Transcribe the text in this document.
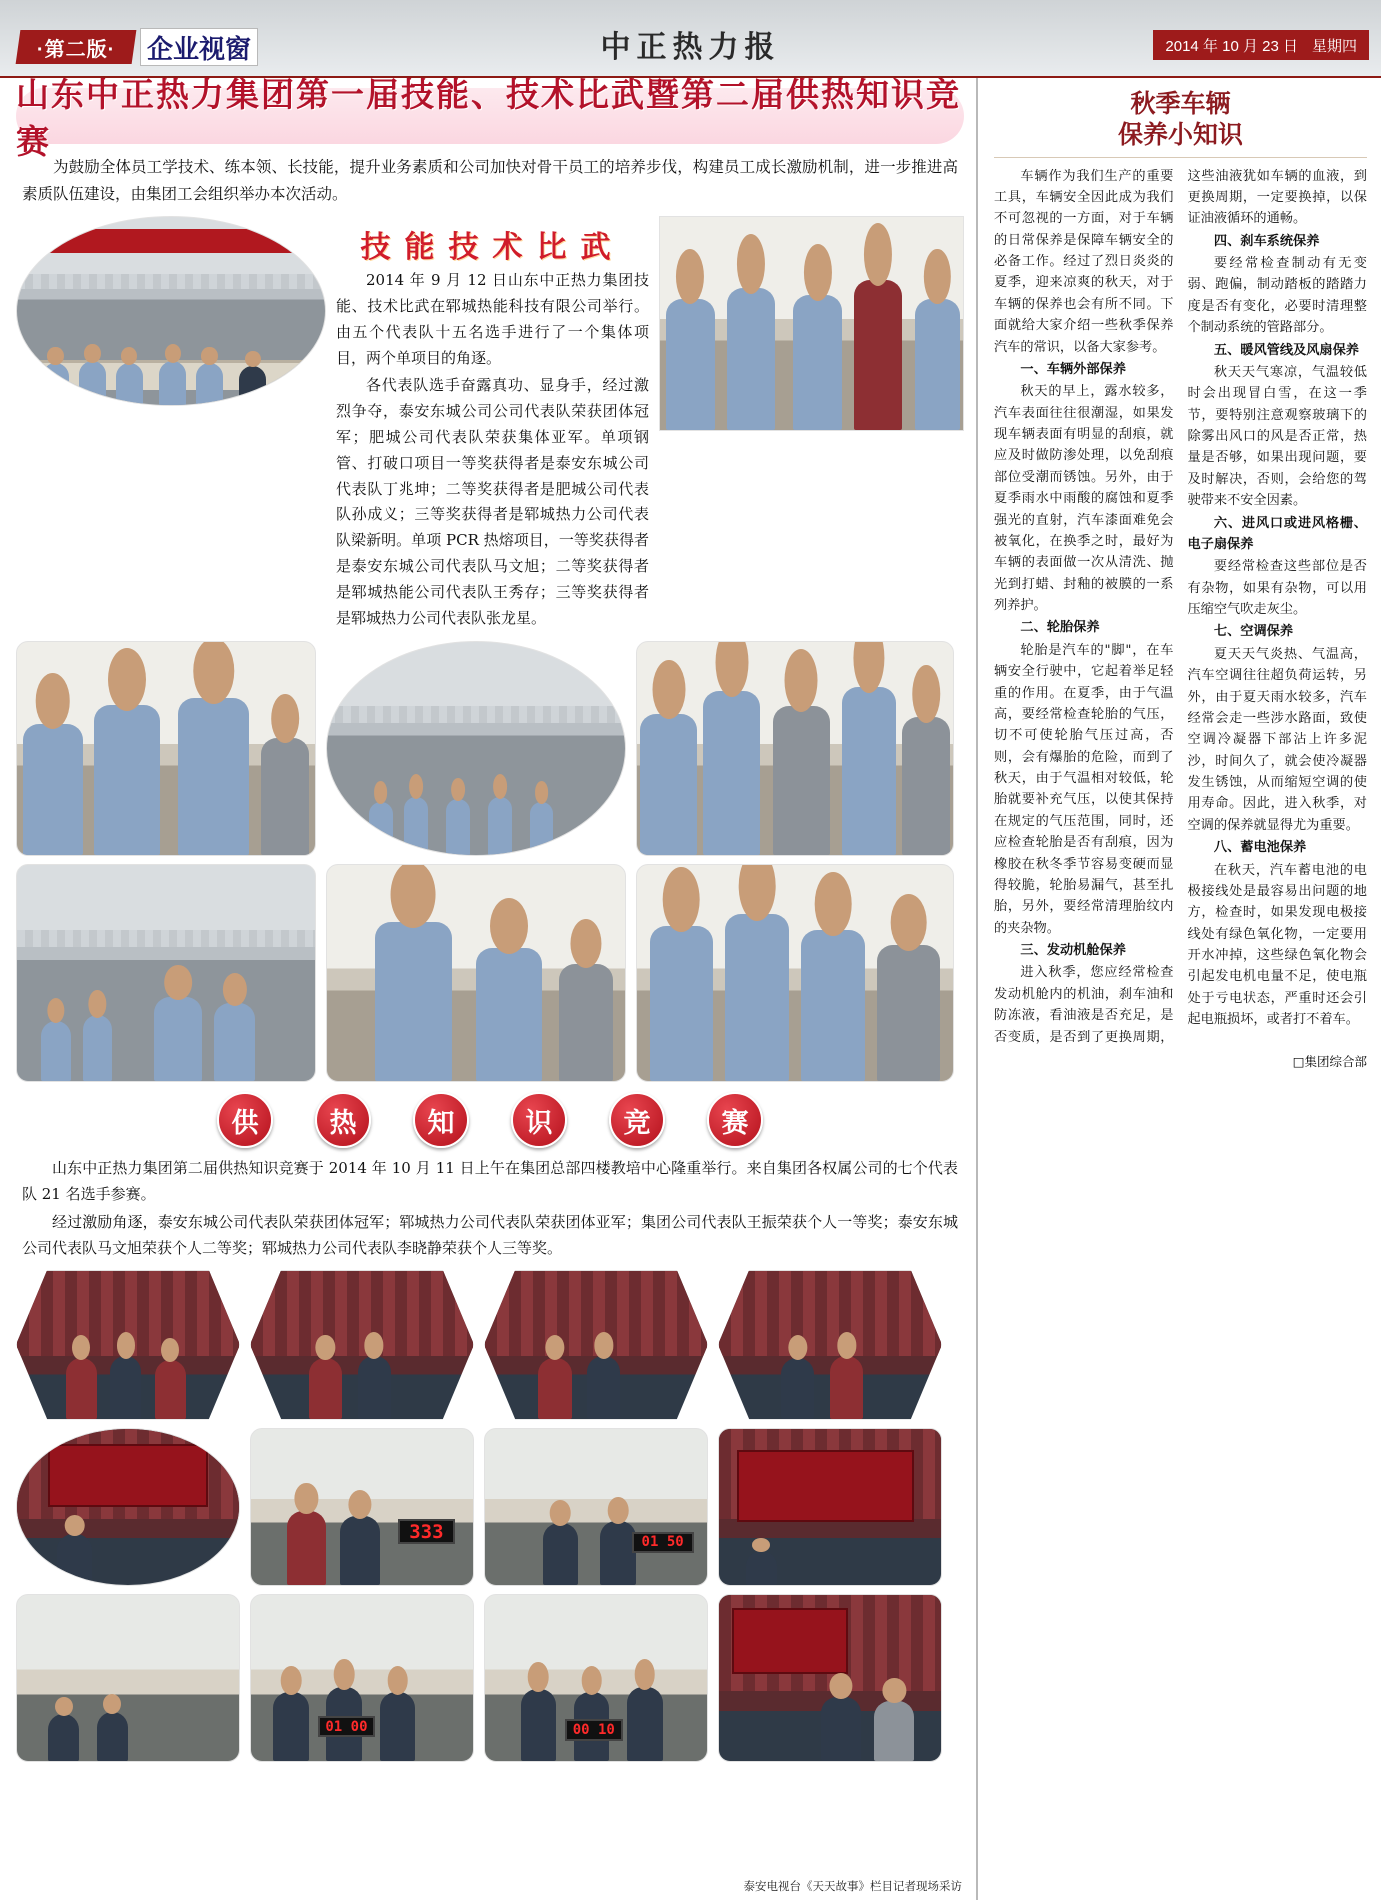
·第二版· 企业视窗	中正热力报	2014 年 10 月 23 日 星期四
山东中正热力集团第一届技能、技术比武暨第二届供热知识竞赛
为鼓励全体员工学技术、练本领、长技能，提升业务素质和公司加快对骨干员工的培养步伐，构建员工成长激励机制，进一步推进高素质队伍建设，由集团工会组织举办本次活动。
技能技术比武

2014 年 9 月 12 日山东中正热力集团技能、技术比武在郓城热能科技有限公司举行。由五个代表队十五名选手进行了一个集体项目，两个单项目的角逐。

各代表队选手奋露真功、显身手，经过激烈争夺，泰安东城公司公司代表队荣获团体冠军；肥城公司代表队荣获集体亚军。单项钢管、打破口项目一等奖获得者是泰安东城公司代表队丁兆坤；二等奖获得者是肥城公司代表队孙成义；三等奖获得者是郓城热力公司代表队梁新明。单项 PCR 热熔项目，一等奖获得者是泰安东城公司代表队马文旭；二等奖获得者是郓城热能公司代表队王秀存；三等奖获得者是郓城热力公司代表队张龙星。

供	热	知	识	竞	赛

山东中正热力集团第二届供热知识竞赛于 2014 年 10 月 11 日上午在集团总部四楼教培中心隆重举行。来自集团各权属公司的七个代表队 21 名选手参赛。

经过激励角逐，泰安东城公司代表队荣获团体冠军；郓城热力公司代表队荣获团体亚军；集团公司代表队王振荣获个人一等奖；泰安东城公司代表队马文旭荣获个人二等奖；郓城热力公司代表队李晓静荣获个人三等奖。

333	01 50
01 00	00 10
泰安电视台《天天故事》栏目记者现场采访
秋季车辆
保养小知识

车辆作为我们生产的重要工具，车辆安全因此成为我们不可忽视的一方面，对于车辆的日常保养是保障车辆安全的必备工作。经过了烈日炎炎的夏季，迎来凉爽的秋天，对于车辆的保养也会有所不同。下面就给大家介绍一些秋季保养汽车的常识，以备大家参考。

一、车辆外部保养

秋天的早上，露水较多，汽车表面往往很潮湿，如果发现车辆表面有明显的刮痕，就应及时做防渗处理，以免刮痕部位受潮而锈蚀。另外，由于夏季雨水中雨酸的腐蚀和夏季强光的直射，汽车漆面难免会被氧化，在换季之时，最好为车辆的表面做一次从清洗、抛光到打蜡、封釉的被膜的一系列养护。

二、轮胎保养

轮胎是汽车的"脚"，在车辆安全行驶中，它起着举足轻重的作用。在夏季，由于气温高，要经常检查轮胎的气压，切不可使轮胎气压过高，否则，会有爆胎的危险，而到了秋天，由于气温相对较低，轮胎就要补充气压，以使其保持在规定的气压范围，同时，还应检查轮胎是否有刮痕，因为橡胶在秋冬季节容易变硬而显得较脆，轮胎易漏气，甚至扎胎，另外，要经常清理胎纹内的夹杂物。

三、发动机舱保养

进入秋季，您应经常检查发动机舱内的机油，刹车油和防冻液，看油液是否充足，是否变质，是否到了更换周期，这些油液犹如车辆的血液，到更换周期，一定要换掉，以保证油液循环的通畅。

四、刹车系统保养

要经常检查制动有无变弱、跑偏，制动踏板的踏踏力度是否有变化，必要时清理整个制动系统的管路部分。

五、暖风管线及风扇保养

秋天天气寒凉，气温较低时会出现冒白雪，在这一季节，要特别注意观察玻璃下的除雾出风口的风是否正常，热量是否够，如果出现问题，要及时解决，否则，会给您的驾驶带来不安全因素。

六、进风口或进风格栅、电子扇保养

要经常检查这些部位是否有杂物，如果有杂物，可以用压缩空气吹走灰尘。

七、空调保养

夏天天气炎热、气温高，汽车空调往往超负荷运转，另外，由于夏天雨水较多，汽车经常会走一些涉水路面，致使空调冷凝器下部沾上许多泥沙，时间久了，就会使冷凝器发生锈蚀，从而缩短空调的使用寿命。因此，进入秋季，对空调的保养就显得尤为重要。

八、蓄电池保养

在秋天，汽车蓄电池的电极接线处是最容易出问题的地方，检查时，如果发现电极接线处有绿色氧化物，一定要用开水冲掉，这些绿色氧化物会引起发电机电量不足，使电瓶处于亏电状态，严重时还会引起电瓶损坏，或者打不着车。

□集团综合部
